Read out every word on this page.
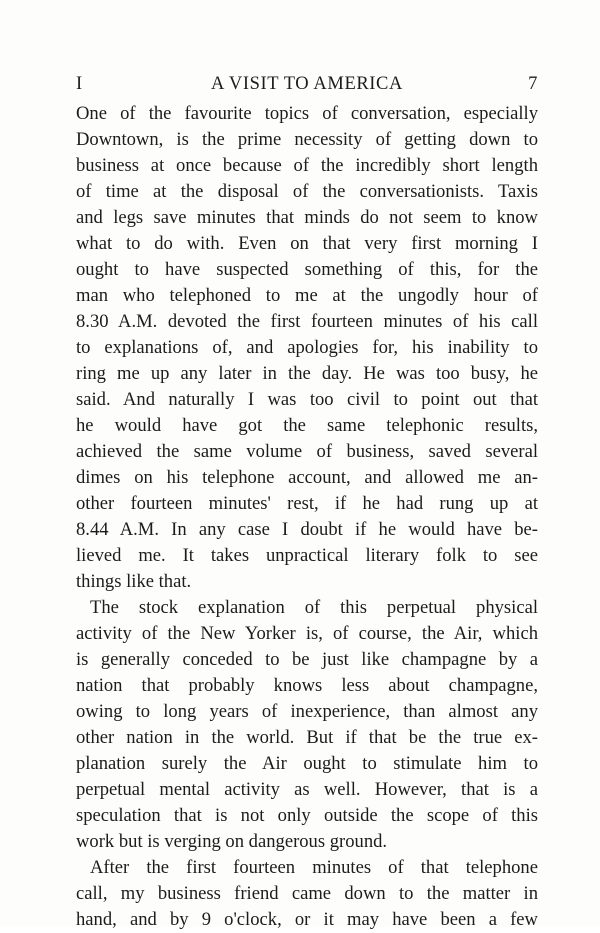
I	A VISIT TO AMERICA	7
One of the favourite topics of conversation, especially
Downtown, is the prime necessity of getting down to
business at once because of the incredibly short length
of time at the disposal of the conversationists. Taxis
and legs save minutes that minds do not seem to know
what to do with. Even on that very first morning I
ought to have suspected something of this, for the
man who telephoned to me at the ungodly hour of
8.30 A.M. devoted the first fourteen minutes of his call
to explanations of, and apologies for, his inability to
ring me up any later in the day. He was too busy, he
said. And naturally I was too civil to point out that
he would have got the same telephonic results,
achieved the same volume of business, saved several
dimes on his telephone account, and allowed me an-
other fourteen minutes' rest, if he had rung up at
8.44 A.M. In any case I doubt if he would have be-
lieved me. It takes unpractical literary folk to see
things like that.
The stock explanation of this perpetual physical
activity of the New Yorker is, of course, the Air, which
is generally conceded to be just like champagne by a
nation that probably knows less about champagne,
owing to long years of inexperience, than almost any
other nation in the world. But if that be the true ex-
planation surely the Air ought to stimulate him to
perpetual mental activity as well. However, that is a
speculation that is not only outside the scope of this
work but is verging on dangerous ground.
After the first fourteen minutes of that telephone
call, my business friend came down to the matter in
hand, and by 9 o'clock, or it may have been a few
